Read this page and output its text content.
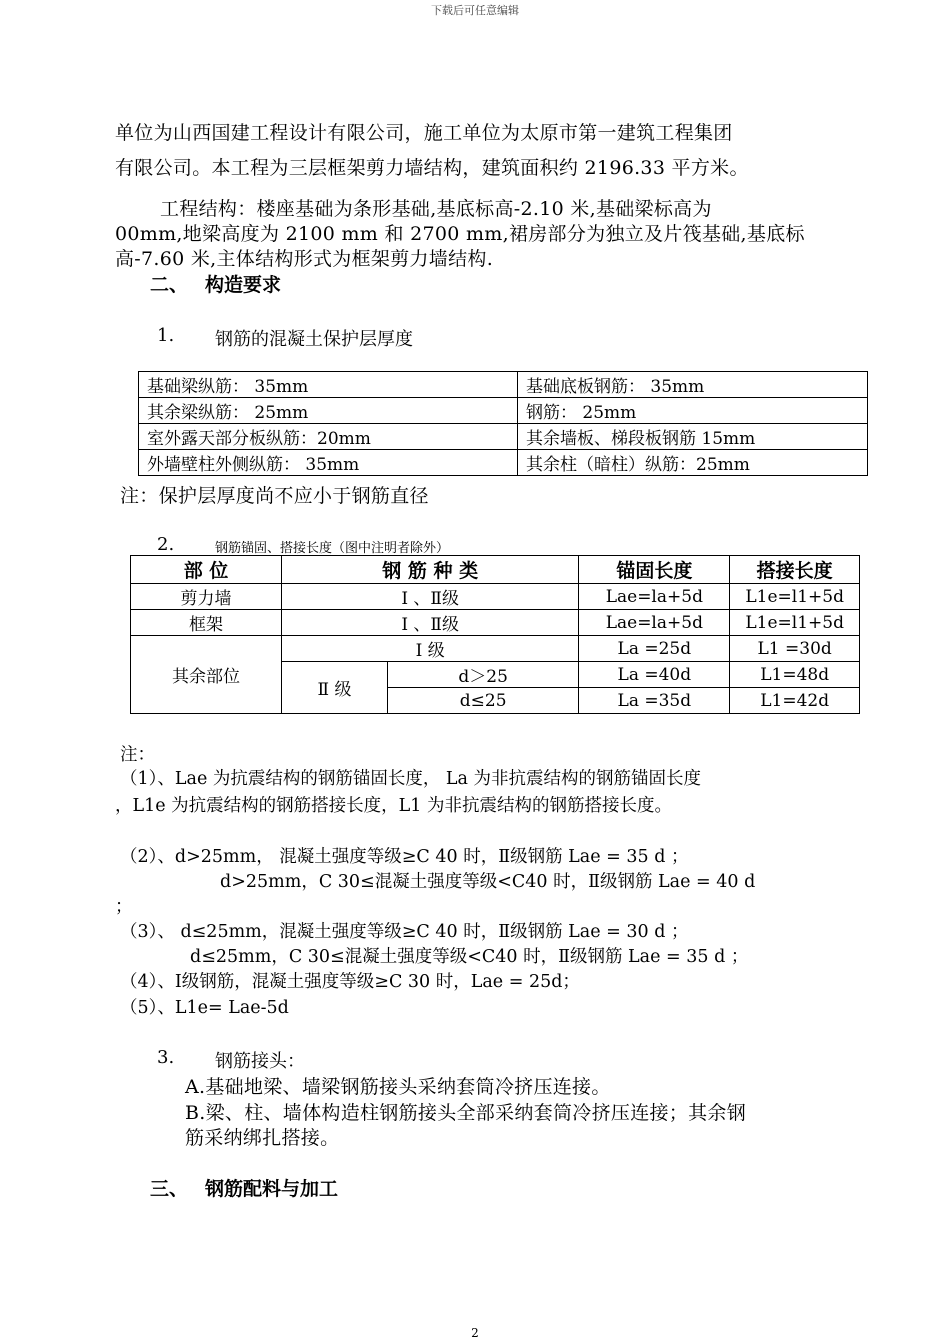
下载后可任意编辑
单位为山西国建工程设计有限公司，施工单位为太原市第一建筑工程集团
有限公司。本工程为三层框架剪力墙结构，建筑面积约 2196.33 平方米。
工程结构：楼座基础为条形基础,基底标高-2.10 米,基础梁标高为
00mm,地梁高度为 2100 mm 和 2700 mm,裙房部分为独立及片筏基础,基底标
高-7.60 米,主体结构形式为框架剪力墙结构.
二、 构造要求
1. 钢筋的混凝土保护层厚度
基础梁纵筋： 35mm	基础底板钢筋： 35mm
其余梁纵筋： 25mm	钢筋： 25mm
室外露天部分板纵筋：20mm	其余墙板、梯段板钢筋 15mm
外墙壁柱外侧纵筋： 35mm	其余柱（暗柱）纵筋：25mm
注：保护层厚度尚不应小于钢筋直径
2.	钢筋锚固、搭接长度（图中注明者除外）
部 位	钢 筋 种 类		锚固长度	搭接长度
剪力墙	Ⅰ 、Ⅱ级		Lae=la+5d	L1e=l1+5d
框架	Ⅰ 、Ⅱ级		Lae=la+5d	L1e=l1+5d
其余部位	Ⅰ 级		La =25d	L1 =30d
	Ⅱ 级	d＞25	La =40d	L1=48d
		d≤25	La =35d	L1=42d
注：
（1）、Lae 为抗震结构的钢筋锚固长度， La 为非抗震结构的钢筋锚固长度
，L1e 为抗震结构的钢筋搭接长度，L1 为非抗震结构的钢筋搭接长度。
（2）、d>25mm， 混凝土强度等级≥C 40 时，Ⅱ级钢筋 Lae = 35 d ；
d>25mm，C 30≤混凝土强度等级<C40 时，Ⅱ级钢筋 Lae = 40 d
；
（3）、 d≤25mm，混凝土强度等级≥C 40 时，Ⅱ级钢筋 Lae = 30 d ；
d≤25mm，C 30≤混凝土强度等级<C40 时，Ⅱ级钢筋 Lae = 35 d ；
（4）、Ⅰ级钢筋，混凝土强度等级≥C 30 时，Lae = 25d；
（5）、L1e= Lae-5d
3. 钢筋接头：
A.基础地梁、墙梁钢筋接头采纳套筒冷挤压连接。
B.梁、柱、墙体构造柱钢筋接头全部采纳套筒冷挤压连接；其余钢
筋采纳绑扎搭接。
三、 钢筋配料与加工
2
